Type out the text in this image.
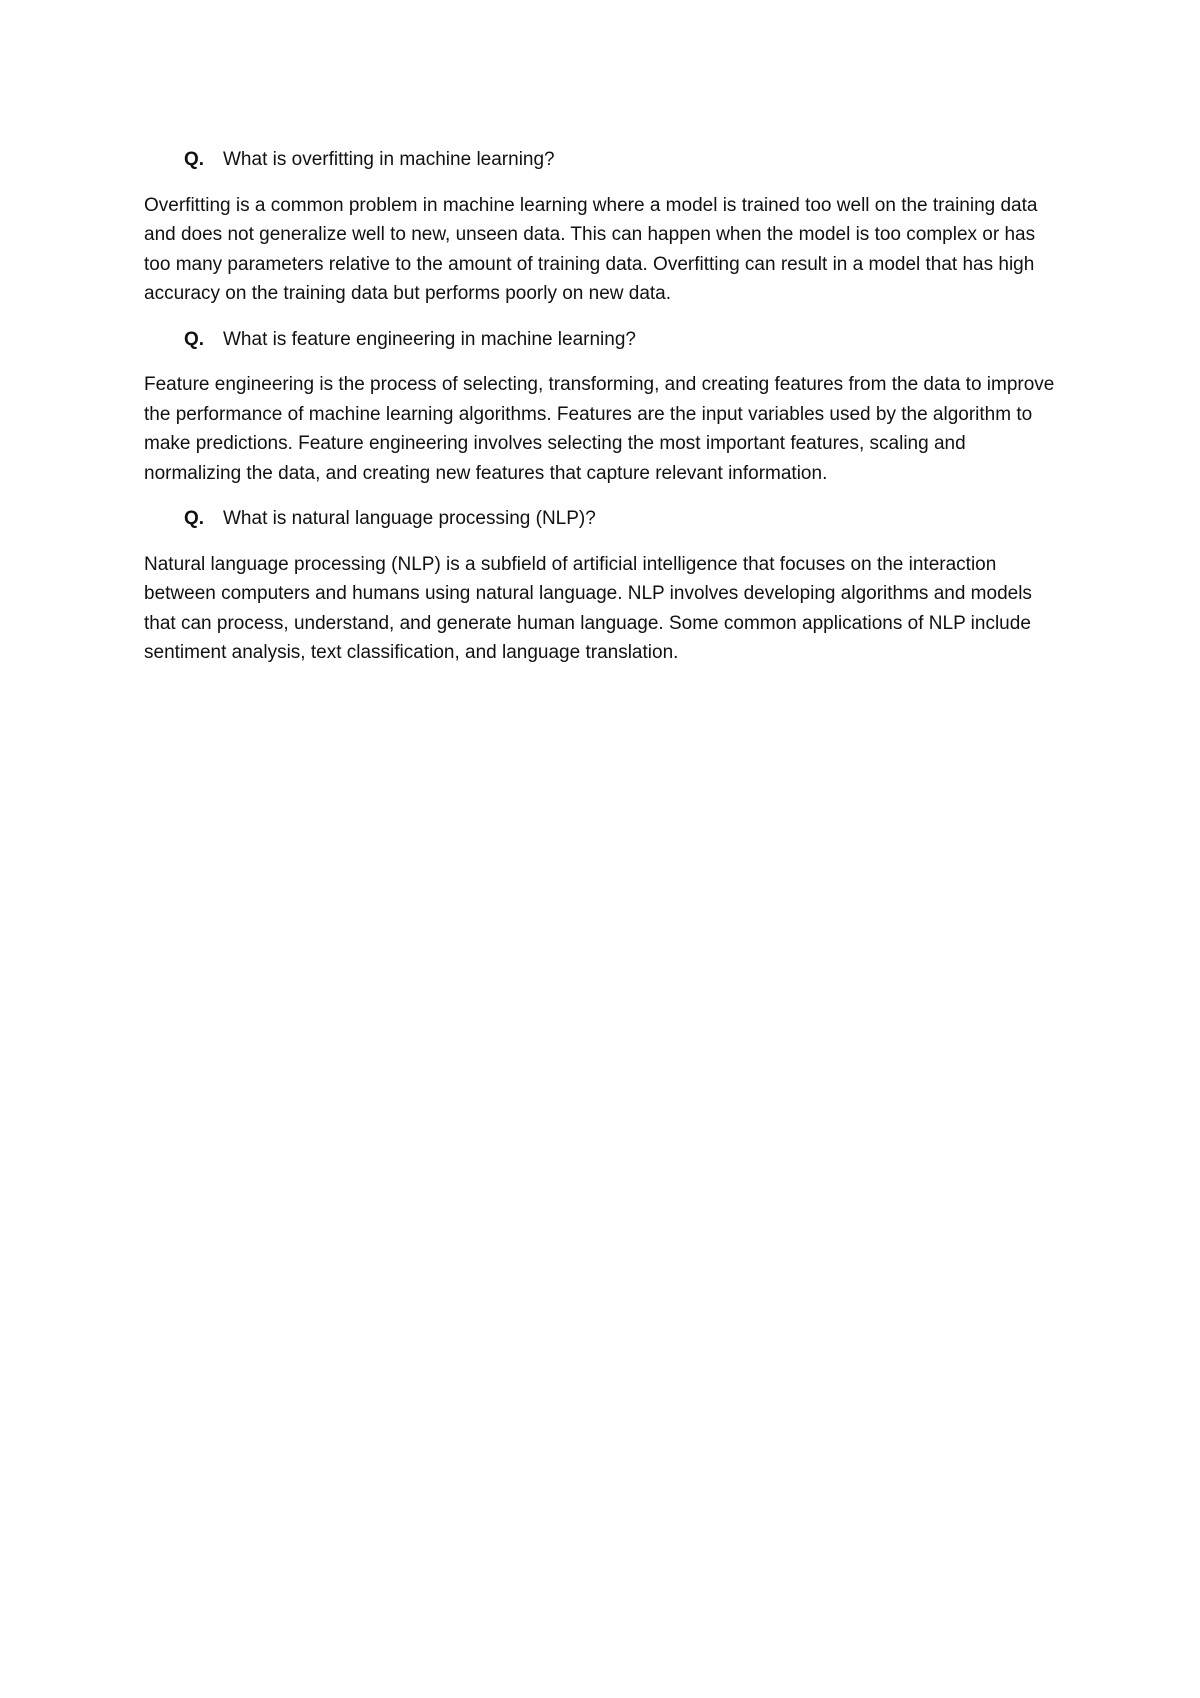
Q. What is overfitting in machine learning?

Overfitting is a common problem in machine learning where a model is trained too well on the training data and does not generalize well to new, unseen data. This can happen when the model is too complex or has too many parameters relative to the amount of training data. Overfitting can result in a model that has high accuracy on the training data but performs poorly on new data.

Q. What is feature engineering in machine learning?

Feature engineering is the process of selecting, transforming, and creating features from the data to improve the performance of machine learning algorithms. Features are the input variables used by the algorithm to make predictions. Feature engineering involves selecting the most important features, scaling and normalizing the data, and creating new features that capture relevant information.

Q. What is natural language processing (NLP)?

Natural language processing (NLP) is a subfield of artificial intelligence that focuses on the interaction between computers and humans using natural language. NLP involves developing algorithms and models that can process, understand, and generate human language. Some common applications of NLP include sentiment analysis, text classification, and language translation.
